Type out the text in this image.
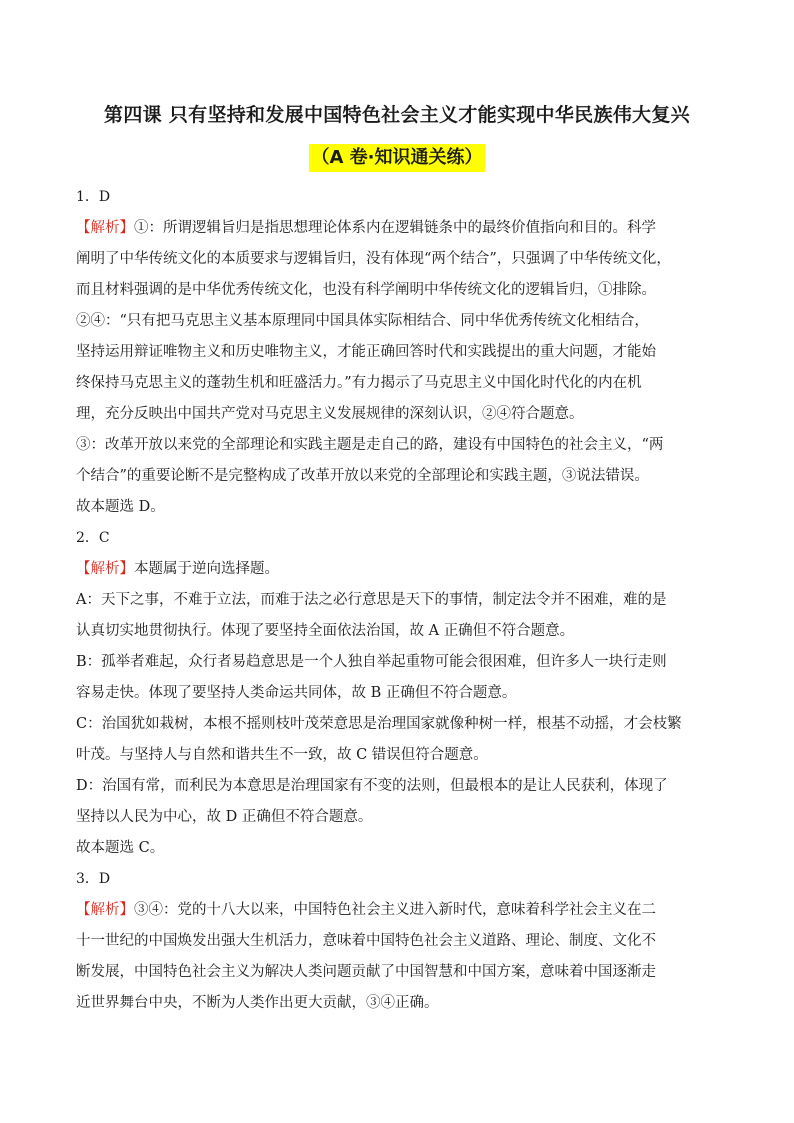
第四课 只有坚持和发展中国特色社会主义才能实现中华民族伟大复兴
（A 卷·知识通关练）
1．D
【解析】①：所谓逻辑旨归是指思想理论体系内在逻辑链条中的最终价值指向和目的。科学
阐明了中华传统文化的本质要求与逻辑旨归，没有体现“两个结合”，只强调了中华传统文化，
而且材料强调的是中华优秀传统文化，也没有科学阐明中华传统文化的逻辑旨归，①排除。
②④：“只有把马克思主义基本原理同中国具体实际相结合、同中华优秀传统文化相结合，
坚持运用辩证唯物主义和历史唯物主义，才能正确回答时代和实践提出的重大问题，才能始
终保持马克思主义的蓬勃生机和旺盛活力。”有力揭示了马克思主义中国化时代化的内在机
理，充分反映出中国共产党对马克思主义发展规律的深刻认识，②④符合题意。
③：改革开放以来党的全部理论和实践主题是走自己的路，建设有中国特色的社会主义，“两
个结合”的重要论断不是完整构成了改革开放以来党的全部理论和实践主题，③说法错误。
故本题选 D。
2．C
【解析】本题属于逆向选择题。
A：天下之事，不难于立法，而难于法之必行意思是天下的事情，制定法令并不困难，难的是
认真切实地贯彻执行。体现了要坚持全面依法治国，故 A 正确但不符合题意。
B：孤举者难起，众行者易趋意思是一个人独自举起重物可能会很困难，但许多人一块行走则
容易走快。体现了要坚持人类命运共同体，故 B 正确但不符合题意。
C：治国犹如栽树，本根不摇则枝叶茂荣意思是治理国家就像种树一样，根基不动摇，才会枝繁
叶茂。与坚持人与自然和谐共生不一致，故 C 错误但符合题意。
D：治国有常，而利民为本意思是治理国家有不变的法则，但最根本的是让人民获利，体现了
坚持以人民为中心，故 D 正确但不符合题意。
故本题选 C。
3．D
【解析】③④：党的十八大以来，中国特色社会主义进入新时代，意味着科学社会主义在二
十一世纪的中国焕发出强大生机活力，意味着中国特色社会主义道路、理论、制度、文化不
断发展，中国特色社会主义为解决人类问题贡献了中国智慧和中国方案，意味着中国逐渐走
近世界舞台中央，不断为人类作出更大贡献，③④正确。
